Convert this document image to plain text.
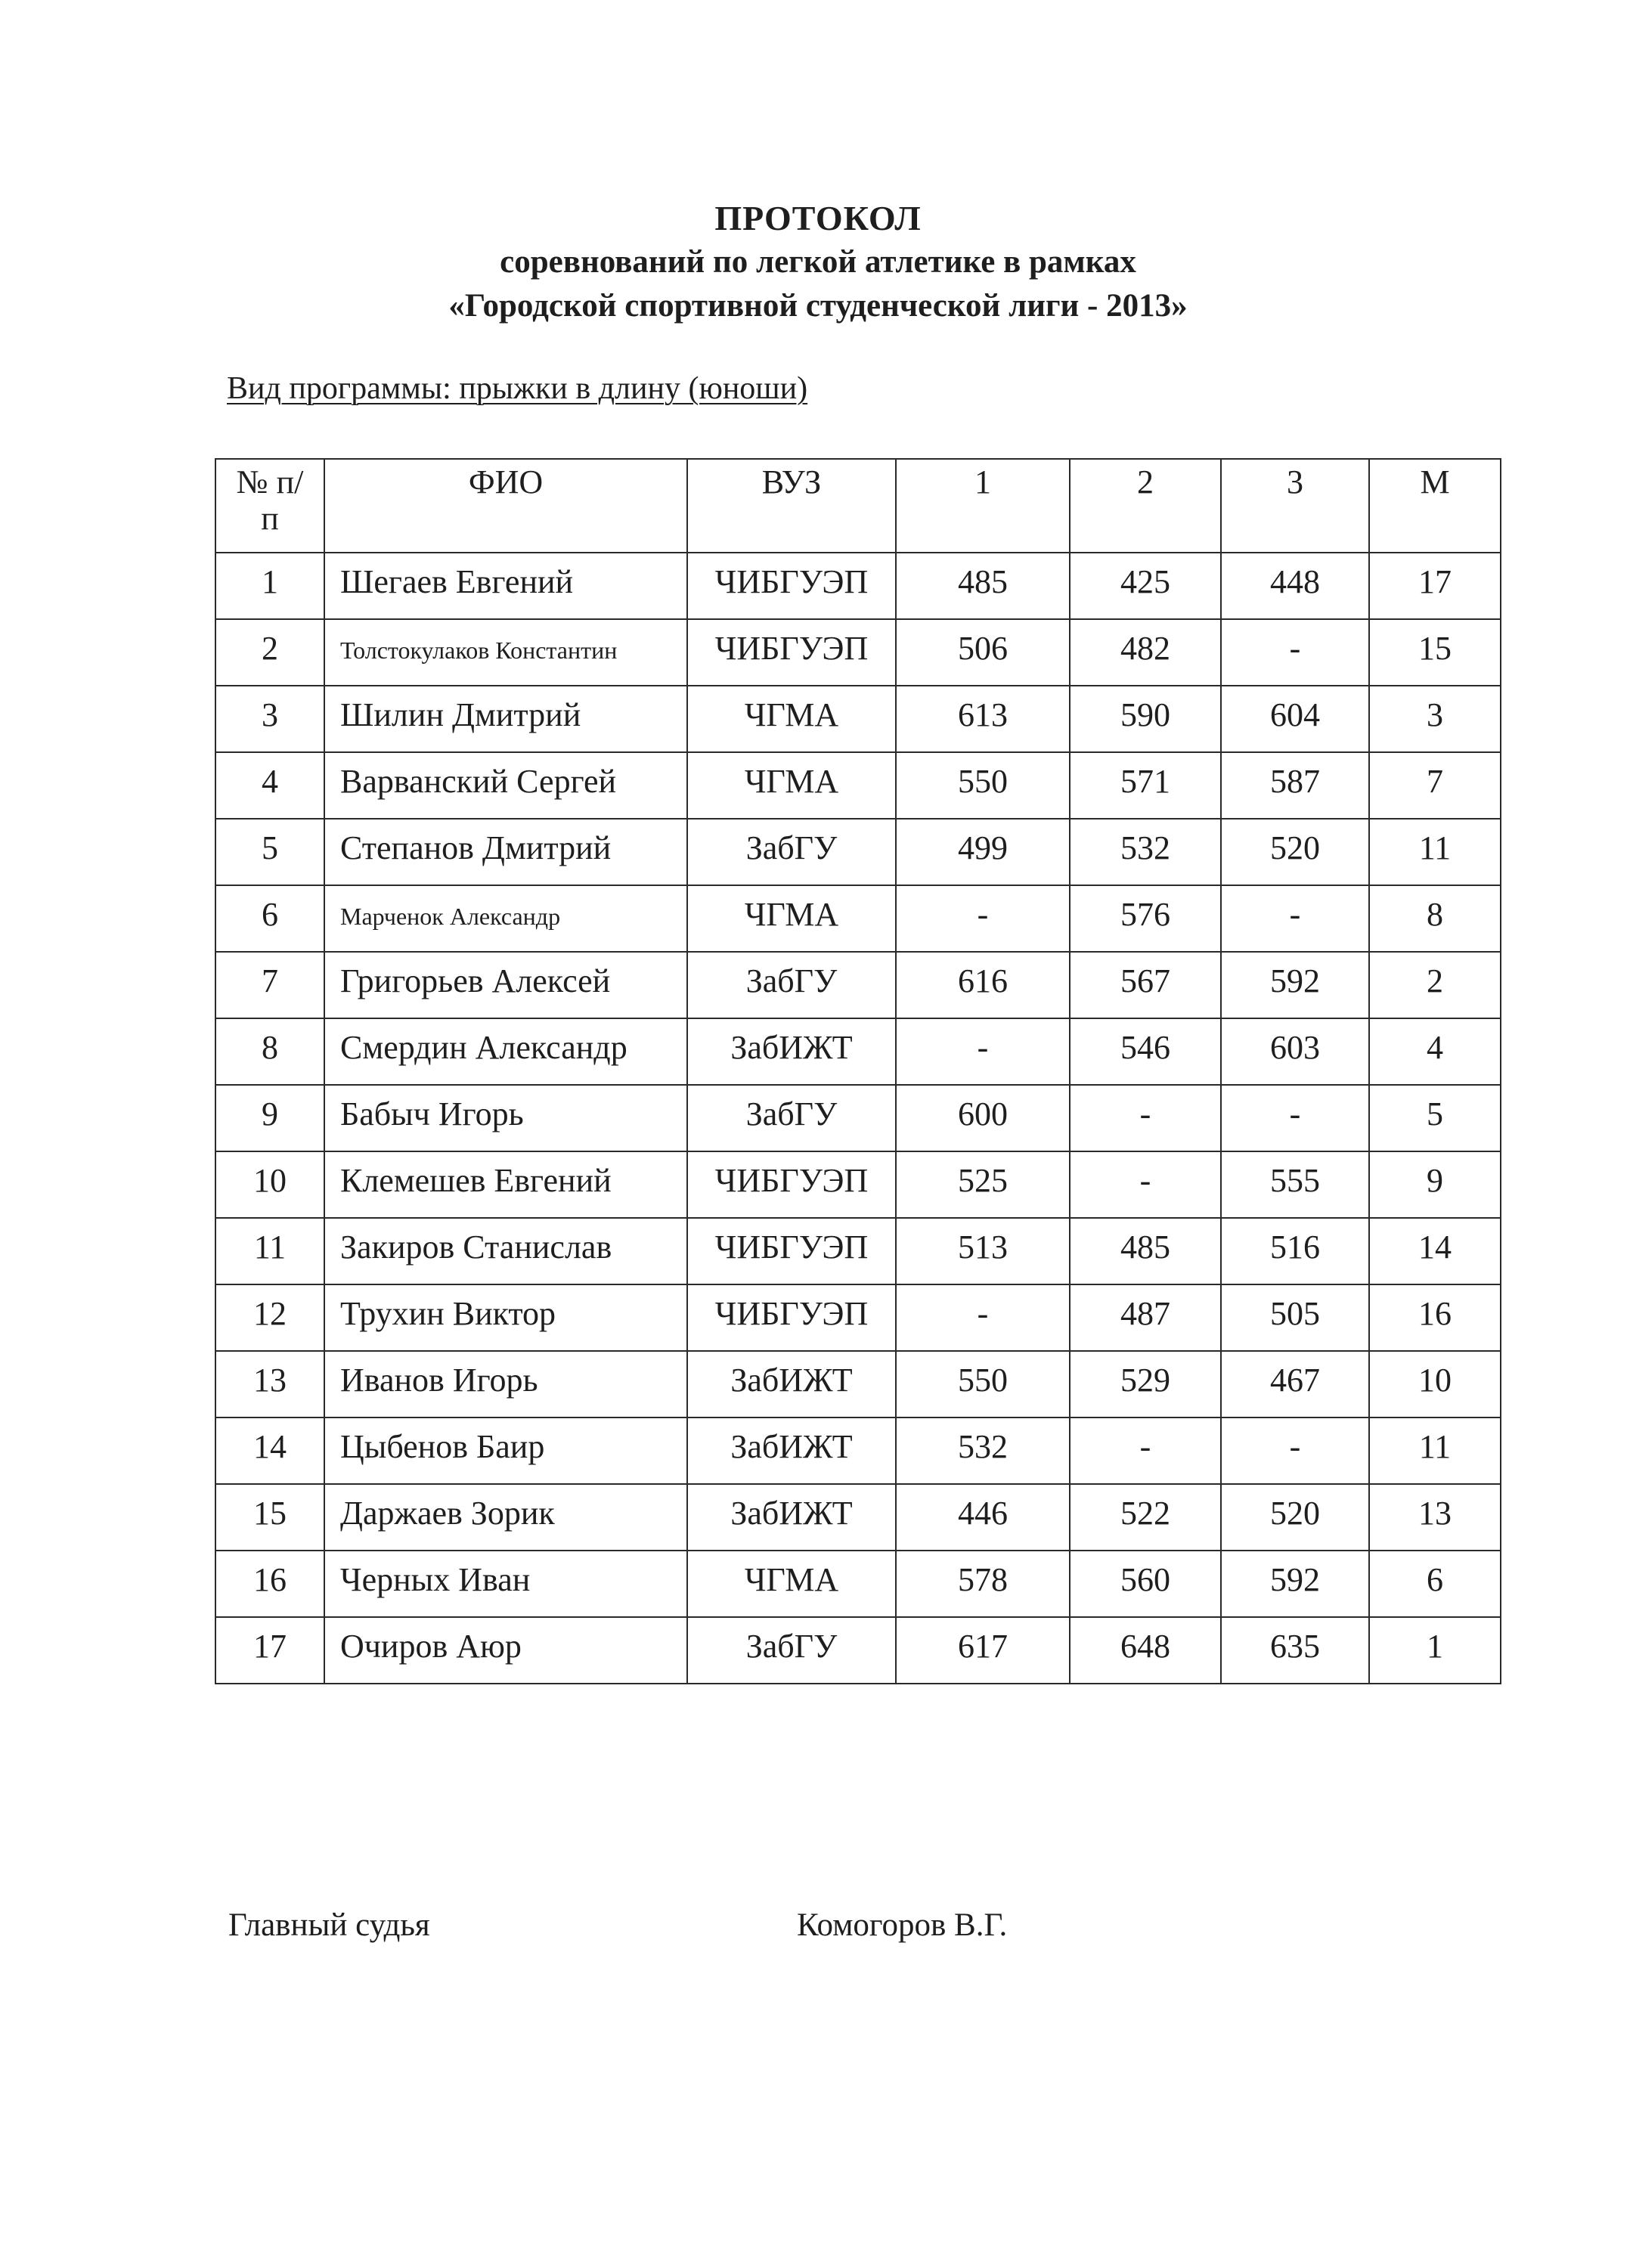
ПРОТОКОЛ
соревнований по легкой атлетике в рамках
«Городской спортивной студенческой лиги - 2013»
Вид программы: прыжки в длину (юноши)
№ п/п	ФИО	ВУЗ	1	2	3	М
1	Шегаев Евгений	ЧИБГУЭП	485	425	448	17
2	Толстокулаков Константин	ЧИБГУЭП	506	482	-	15
3	Шилин Дмитрий	ЧГМА	613	590	604	3
4	Варванский Сергей	ЧГМА	550	571	587	7
5	Степанов Дмитрий	ЗабГУ	499	532	520	11
6	Марченок Александр	ЧГМА	-	576	-	8
7	Григорьев Алексей	ЗабГУ	616	567	592	2
8	Смердин Александр	ЗабИЖТ	-	546	603	4
9	Бабыч Игорь	ЗабГУ	600	-	-	5
10	Клемешев Евгений	ЧИБГУЭП	525	-	555	9
11	Закиров Станислав	ЧИБГУЭП	513	485	516	14
12	Трухин Виктор	ЧИБГУЭП	-	487	505	16
13	Иванов Игорь	ЗабИЖТ	550	529	467	10
14	Цыбенов Баир	ЗабИЖТ	532	-	-	11
15	Даржаев Зорик	ЗабИЖТ	446	522	520	13
16	Черных Иван	ЧГМА	578	560	592	6
17	Очиров Аюр	ЗабГУ	617	648	635	1
Главный судья	Комогоров В.Г.
